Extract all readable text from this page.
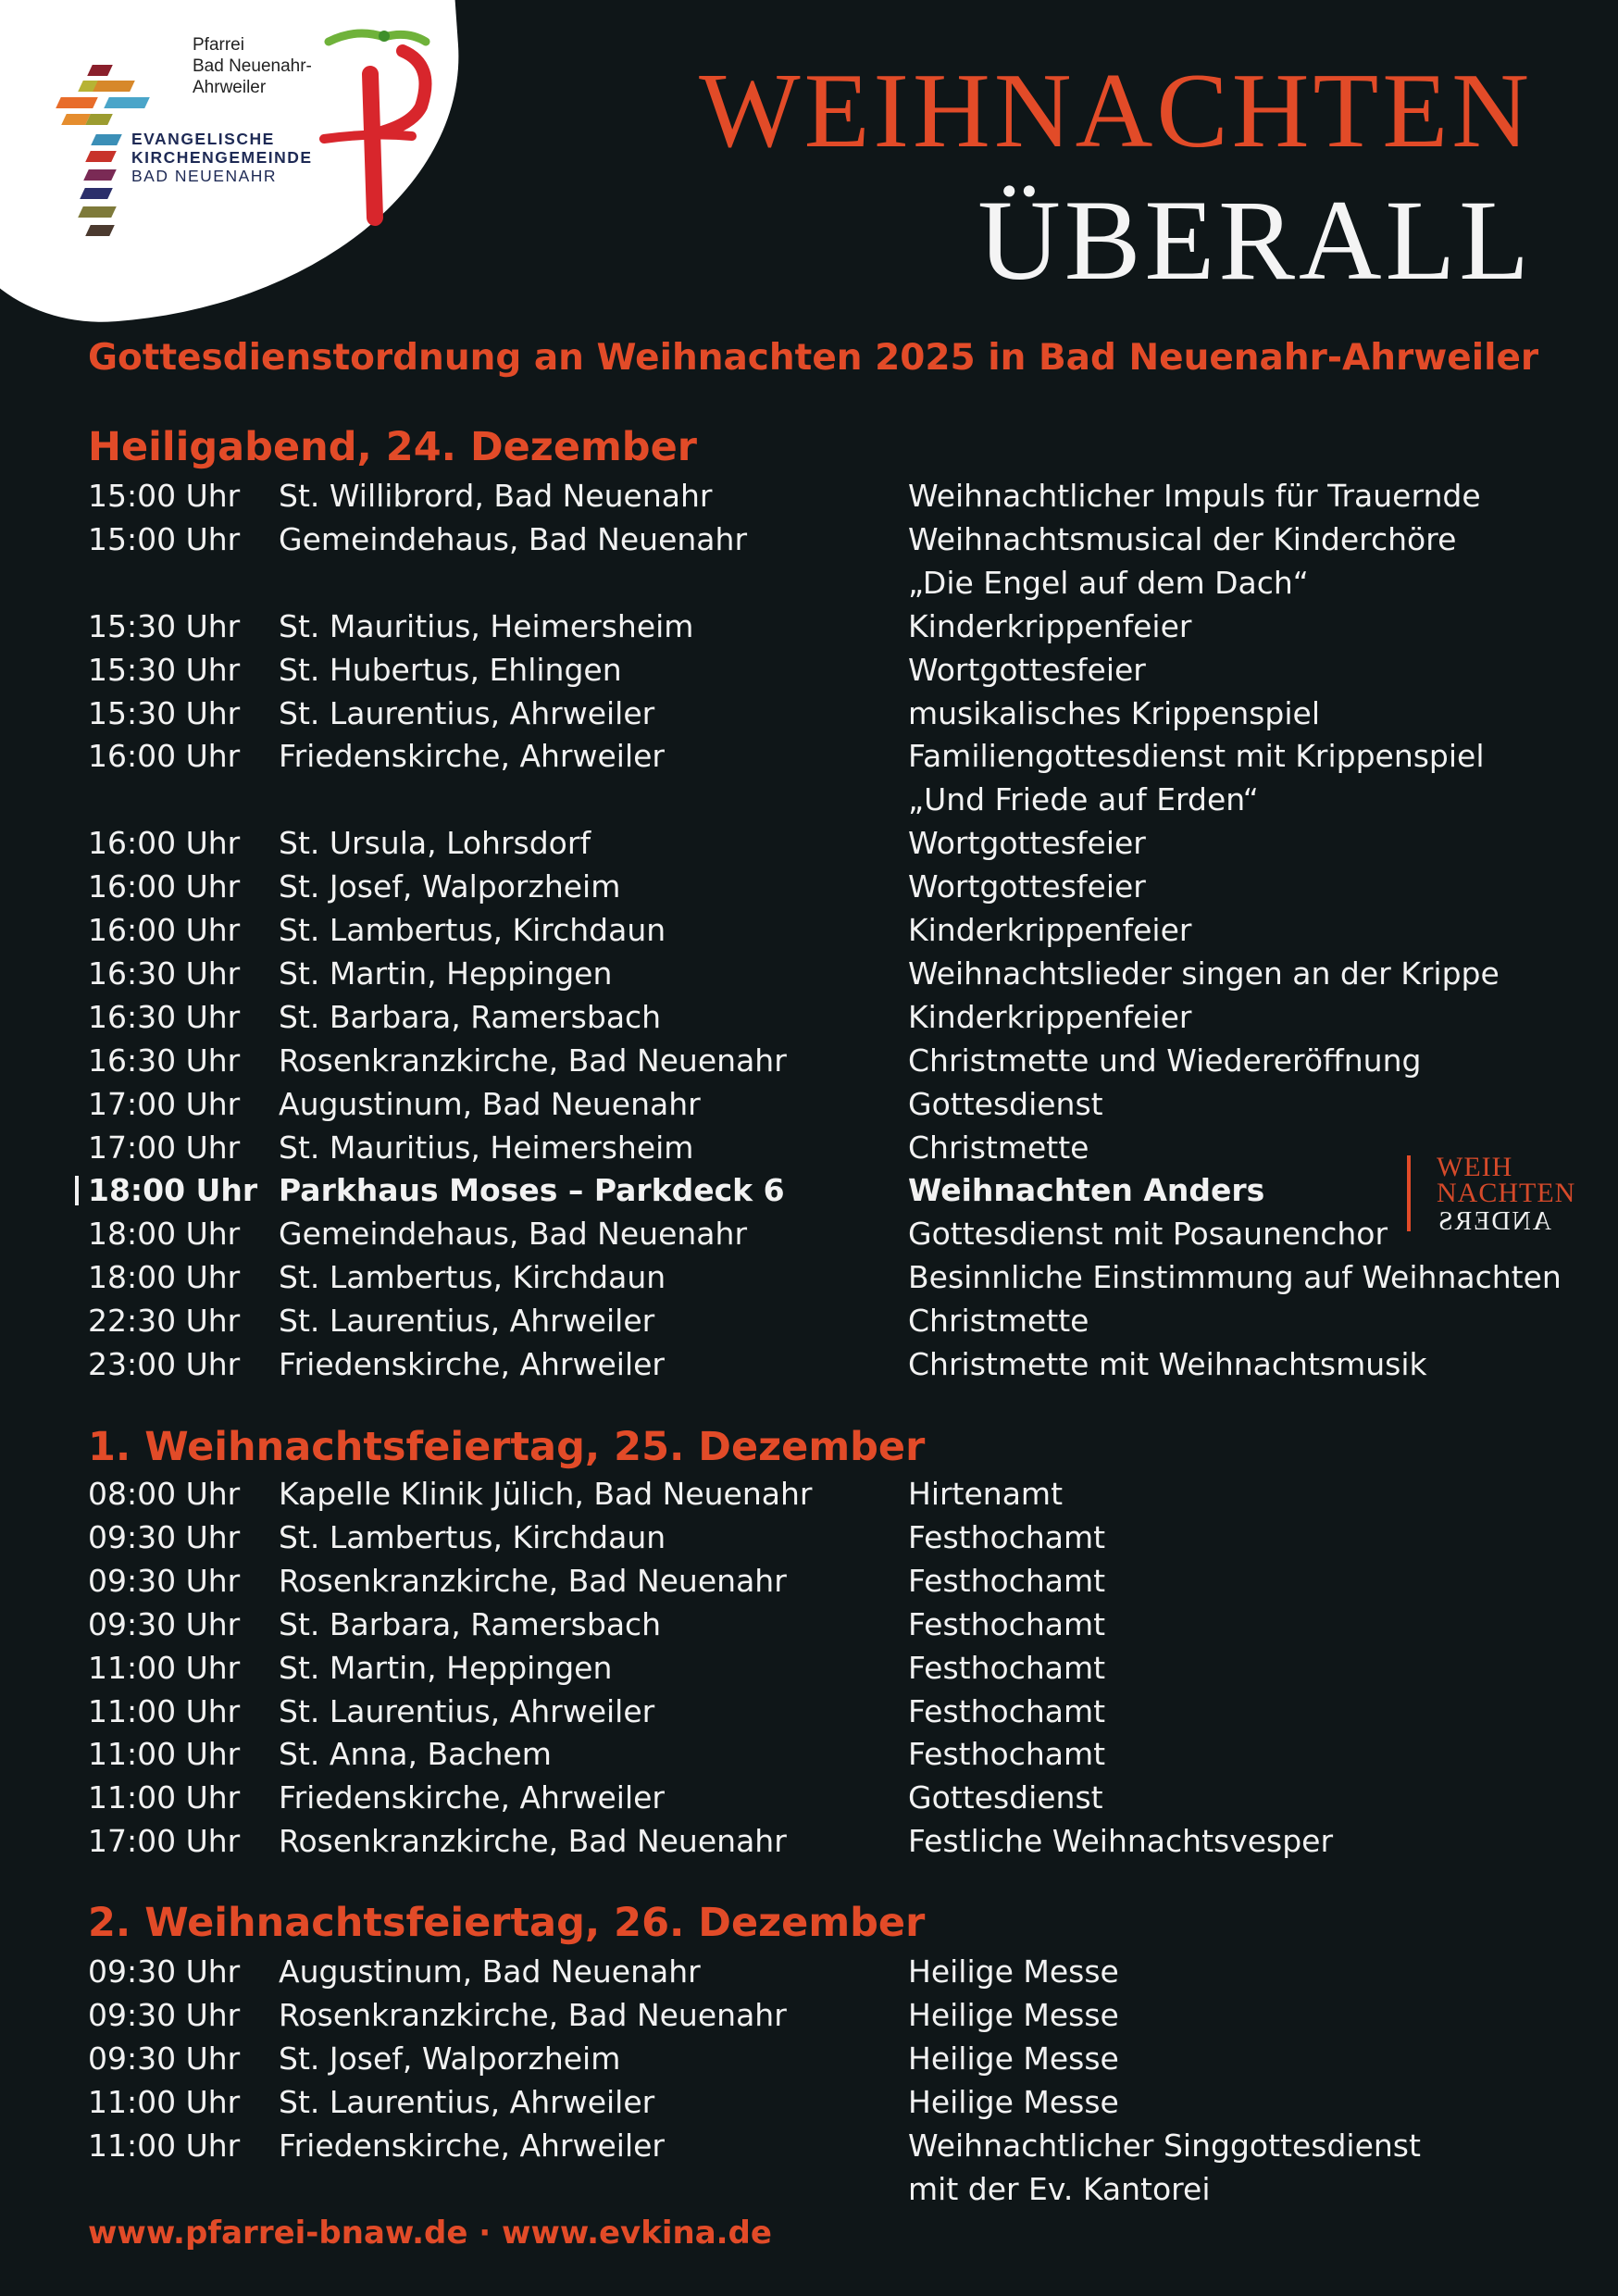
Pfarrei
Bad Neuenahr-
Ahrweiler
EVANGELISCHE
KIRCHENGEMEINDE
BAD NEUENAHR
WEIHNACHTEN
ÜBERALL
Gottesdienstordnung an Weihnachten 2025 in Bad Neuenahr-Ahrweiler
Heiligabend, 24. Dezember
15:00 Uhr St. Willibrord, Bad Neuenahr	Weihnachtlicher Impuls für Trauernde
15:00 Uhr Gemeindehaus, Bad Neuenahr	Weihnachtsmusical der Kinderchöre
„Die Engel auf dem Dach“
15:30 Uhr St. Mauritius, Heimersheim	Kinderkrippenfeier
15:30 Uhr St. Hubertus, Ehlingen	Wortgottesfeier
15:30 Uhr St. Laurentius, Ahrweiler	musikalisches Krippenspiel
16:00 Uhr Friedenskirche, Ahrweiler	Familiengottesdienst mit Krippenspiel
„Und Friede auf Erden“
16:00 Uhr St. Ursula, Lohrsdorf	Wortgottesfeier
16:00 Uhr St. Josef, Walporzheim	Wortgottesfeier
16:00 Uhr St. Lambertus, Kirchdaun	Kinderkrippenfeier
16:30 Uhr St. Martin, Heppingen	Weihnachtslieder singen an der Krippe
16:30 Uhr St. Barbara, Ramersbach	Kinderkrippenfeier
16:30 Uhr Rosenkranzkirche, Bad Neuenahr	Christmette und Wiedereröffnung
17:00 Uhr Augustinum, Bad Neuenahr	Gottesdienst
17:00 Uhr St. Mauritius, Heimersheim	Christmette
18:00 Uhr Parkhaus Moses – Parkdeck 6	Weihnachten Anders
18:00 Uhr Gemeindehaus, Bad Neuenahr	Gottesdienst mit Posaunenchor
18:00 Uhr St. Lambertus, Kirchdaun	Besinnliche Einstimmung auf Weihnachten
22:30 Uhr St. Laurentius, Ahrweiler	Christmette
23:00 Uhr Friedenskirche, Ahrweiler	Christmette mit Weihnachtsmusik
1. Weihnachtsfeiertag, 25. Dezember
08:00 Uhr Kapelle Klinik Jülich, Bad Neuenahr	Hirtenamt
09:30 Uhr St. Lambertus, Kirchdaun	Festhochamt
09:30 Uhr Rosenkranzkirche, Bad Neuenahr	Festhochamt
09:30 Uhr St. Barbara, Ramersbach	Festhochamt
11:00 Uhr St. Martin, Heppingen	Festhochamt
11:00 Uhr St. Laurentius, Ahrweiler	Festhochamt
11:00 Uhr St. Anna, Bachem	Festhochamt
11:00 Uhr Friedenskirche, Ahrweiler	Gottesdienst
17:00 Uhr Rosenkranzkirche, Bad Neuenahr	Festliche Weihnachtsvesper
2. Weihnachtsfeiertag, 26. Dezember
09:30 Uhr Augustinum, Bad Neuenahr	Heilige Messe
09:30 Uhr Rosenkranzkirche, Bad Neuenahr	Heilige Messe
09:30 Uhr St. Josef, Walporzheim	Heilige Messe
11:00 Uhr St. Laurentius, Ahrweiler	Heilige Messe
11:00 Uhr Friedenskirche, Ahrweiler	Weihnachtlicher Singgottesdienst
mit der Ev. Kantorei
WEIH
NACHTEN
ANDERS
www.pfarrei-bnaw.de · www.evkina.de
